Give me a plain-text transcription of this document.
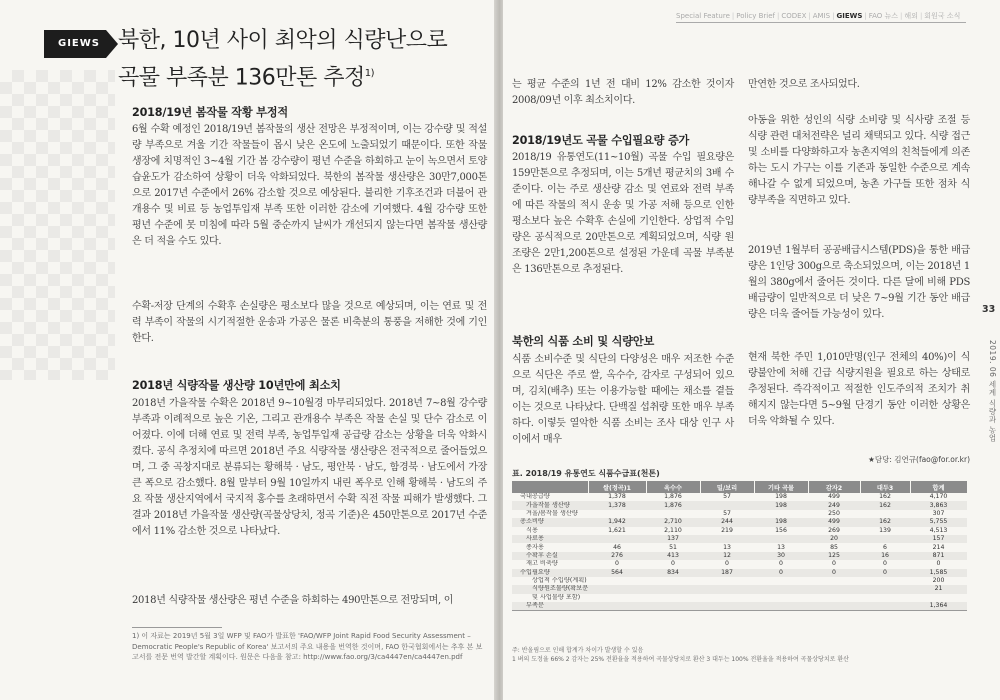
GIEWS 북한, 10년 사이 최악의 식량난으로
곡물 부족분 136만톤 추정$^{1)}$
2018/19년 봄작물 작황 부정적
6월 수확 예정인 2018/19년 봄작물의 생산 전망은 부정적이며, 이는 강수량 및 적설량 부족으로 겨울 기간 작물들이 몹시 낮은 온도에 노출되었기 때문이다. 또한 작물 생장에 치명적인 3~4월 기간 봄 강수량이 평년 수준을 하회하고 눈이 녹으면서 토양습윤도가 감소하여 상황이 더욱 악화되었다. 북한의 봄작물 생산량은 30만7,000톤으로 2017년 수준에서 26% 감소할 것으로 예상된다. 불리한 기후조건과 더불어 관개용수 및 비료 등 농업투입재 부족 또한 이러한 감소에 기여했다. 4월 강수량 또한 평년 수준에 못 미침에 따라 5월 중순까지 날씨가 개선되지 않는다면 봄작물 생산량은 더 적을 수도 있다.
수확-저장 단계의 수확후 손실량은 평소보다 많을 것으로 예상되며, 이는 연료 및 전력 부족이 작물의 시기적절한 운송과 가공은 물론 비축분의 통풍을 저해한 것에 기인한다.
2018년 식량작물 생산량 10년만에 최소치
2018년 가을작물 수확은 2018년 9~10월경 마무리되었다. 2018년 7~8월 강수량 부족과 이례적으로 높은 기온, 그리고 관개용수 부족은 작물 손실 및 단수 감소로 이어졌다. 이에 더해 연료 및 전력 부족, 농업투입재 공급량 감소는 상황을 더욱 악화시켰다. 공식 추정치에 따르면 2018년 주요 식량작물 생산량은 전국적으로 줄어들었으며, 그 중 곡창지대로 분류되는 황해북 · 남도, 평안북 · 남도, 함경북 · 남도에서 가장 큰 폭으로 감소했다. 8월 말부터 9월 10일까지 내린 폭우로 인해 황해북 · 남도의 주요 작물 생산지역에서 국지적 홍수를 초래하면서 수확 직전 작물 피해가 발생했다. 그 결과 2018년 가을작물 생산량(곡물상당치, 정곡 기준)은 450만톤으로 2017년 수준에서 11% 감소한 것으로 나타났다.
2018년 식량작물 생산량은 평년 수준을 하회하는 490만톤으로 전망되며, 이
1) 이 자료는 2019년 5월 3일 WFP 및 FAO가 발표한 'FAO/WFP Joint Rapid Food Security Assessment – Democratic People's Republic of Korea' 보고서의 주요 내용을 번역한 것이며, FAO 한국협회에서는 추후 본 보고서를 전문 번역 발간할 계획이다. 원문은 다음을 참고: http://www.fao.org/3/ca4447en/ca4447en.pdf
Special Feature | Policy Brief | CODEX | AMIS | GIEWS | FAO 뉴스 | 해외 | 회원국 소식
는 평균 수준의 1년 전 대비 12% 감소한 것이자 2008/09년 이후 최소치이다.
2018/19년도 곡물 수입필요량 증가
2018/19 유통연도(11~10월) 곡물 수입 필요량은 159만톤으로 추정되며, 이는 5개년 평균치의 3배 수준이다. 이는 주로 생산량 감소 및 연료와 전력 부족에 따른 작물의 적시 운송 및 가공 저해 등으로 인한 평소보다 높은 수확후 손실에 기인한다. 상업적 수입량은 공식적으로 20만톤으로 계획되었으며, 식량 원조량은 2만1,200톤으로 설정된 가운데 곡물 부족분은 136만톤으로 추정된다.
북한의 식품 소비 및 식량안보
식품 소비수준 및 식단의 다양성은 매우 저조한 수준으로 식단은 주로 쌀, 옥수수, 감자로 구성되어 있으며, 김치(배추) 또는 이용가능할 때에는 채소를 곁들이는 것으로 나타났다. 단백질 섭취량 또한 매우 부족하다. 이렇듯 열악한 식품 소비는 조사 대상 인구 사이에서 매우
만연한 것으로 조사되었다.
아동을 위한 성인의 식량 소비량 및 식사량 조절 등 식량 관련 대처전략은 널리 채택되고 있다. 식량 접근 및 소비를 다양화하고자 농촌지역의 친척들에게 의존하는 도시 가구는 이를 기존과 동일한 수준으로 계속해나갈 수 없게 되었으며, 농촌 가구들 또한 점차 식량부족을 직면하고 있다.
2019년 1월부터 공공배급시스템(PDS)을 통한 배급량은 1인당 300g으로 축소되었으며, 이는 2018년 1월의 380g에서 줄어든 것이다. 다른 달에 비해 PDS 배급량이 일반적으로 더 낮은 7~9월 기간 동안 배급량은 더욱 줄어들 가능성이 있다.
현재 북한 주민 1,010만명(인구 전체의 40%)이 식량불안에 처해 긴급 식량지원을 필요로 하는 상태로 추정된다. 즉각적이고 적절한 인도주의적 조치가 취해지지 않는다면 5~9월 단경기 동안 이러한 상황은 더욱 악화될 수 있다.
★담당: 김연규(fao@for.or.kr)
33
2019. 06 세계 식량과 농업
표. 2018/19 유통연도 식품수급표(천톤)
	쌀(정곡)1	옥수수	밀/보리	기타 곡물	감자2	대두3	합계
국내공급량	1,378	1,876	57	198	499	162	4,170
가을작물 생산량	1,378	1,876		198	249	162	3,863
겨울/봄작물 생산량			57		250		307
총소비량	1,942	2,710	244	198	499	162	5,755
식용	1,621	2,110	219	156	269	139	4,513
사료용		137			20		157
종자용	46	51	13	13	85	6	214
수확후 손실	276	413	12	30	125	16	871
재고 비축량	0	0	0	0	0	0	0
수입필요량	564	834	187	0	0	0	1,585
상업적 수입량(계획)							200
식량원조물량(확보분							21
및 사업물량 포함)							
부족분							1,364
주: 반올림으로 인해 합계가 차이가 발생할 수 있음
1 벼의 도정율 66% 2 감자는 25% 전환율을 적용하여 곡물상당치로 환산 3 대두는 100% 전환율을 적용하여 곡물상당치로 환산
